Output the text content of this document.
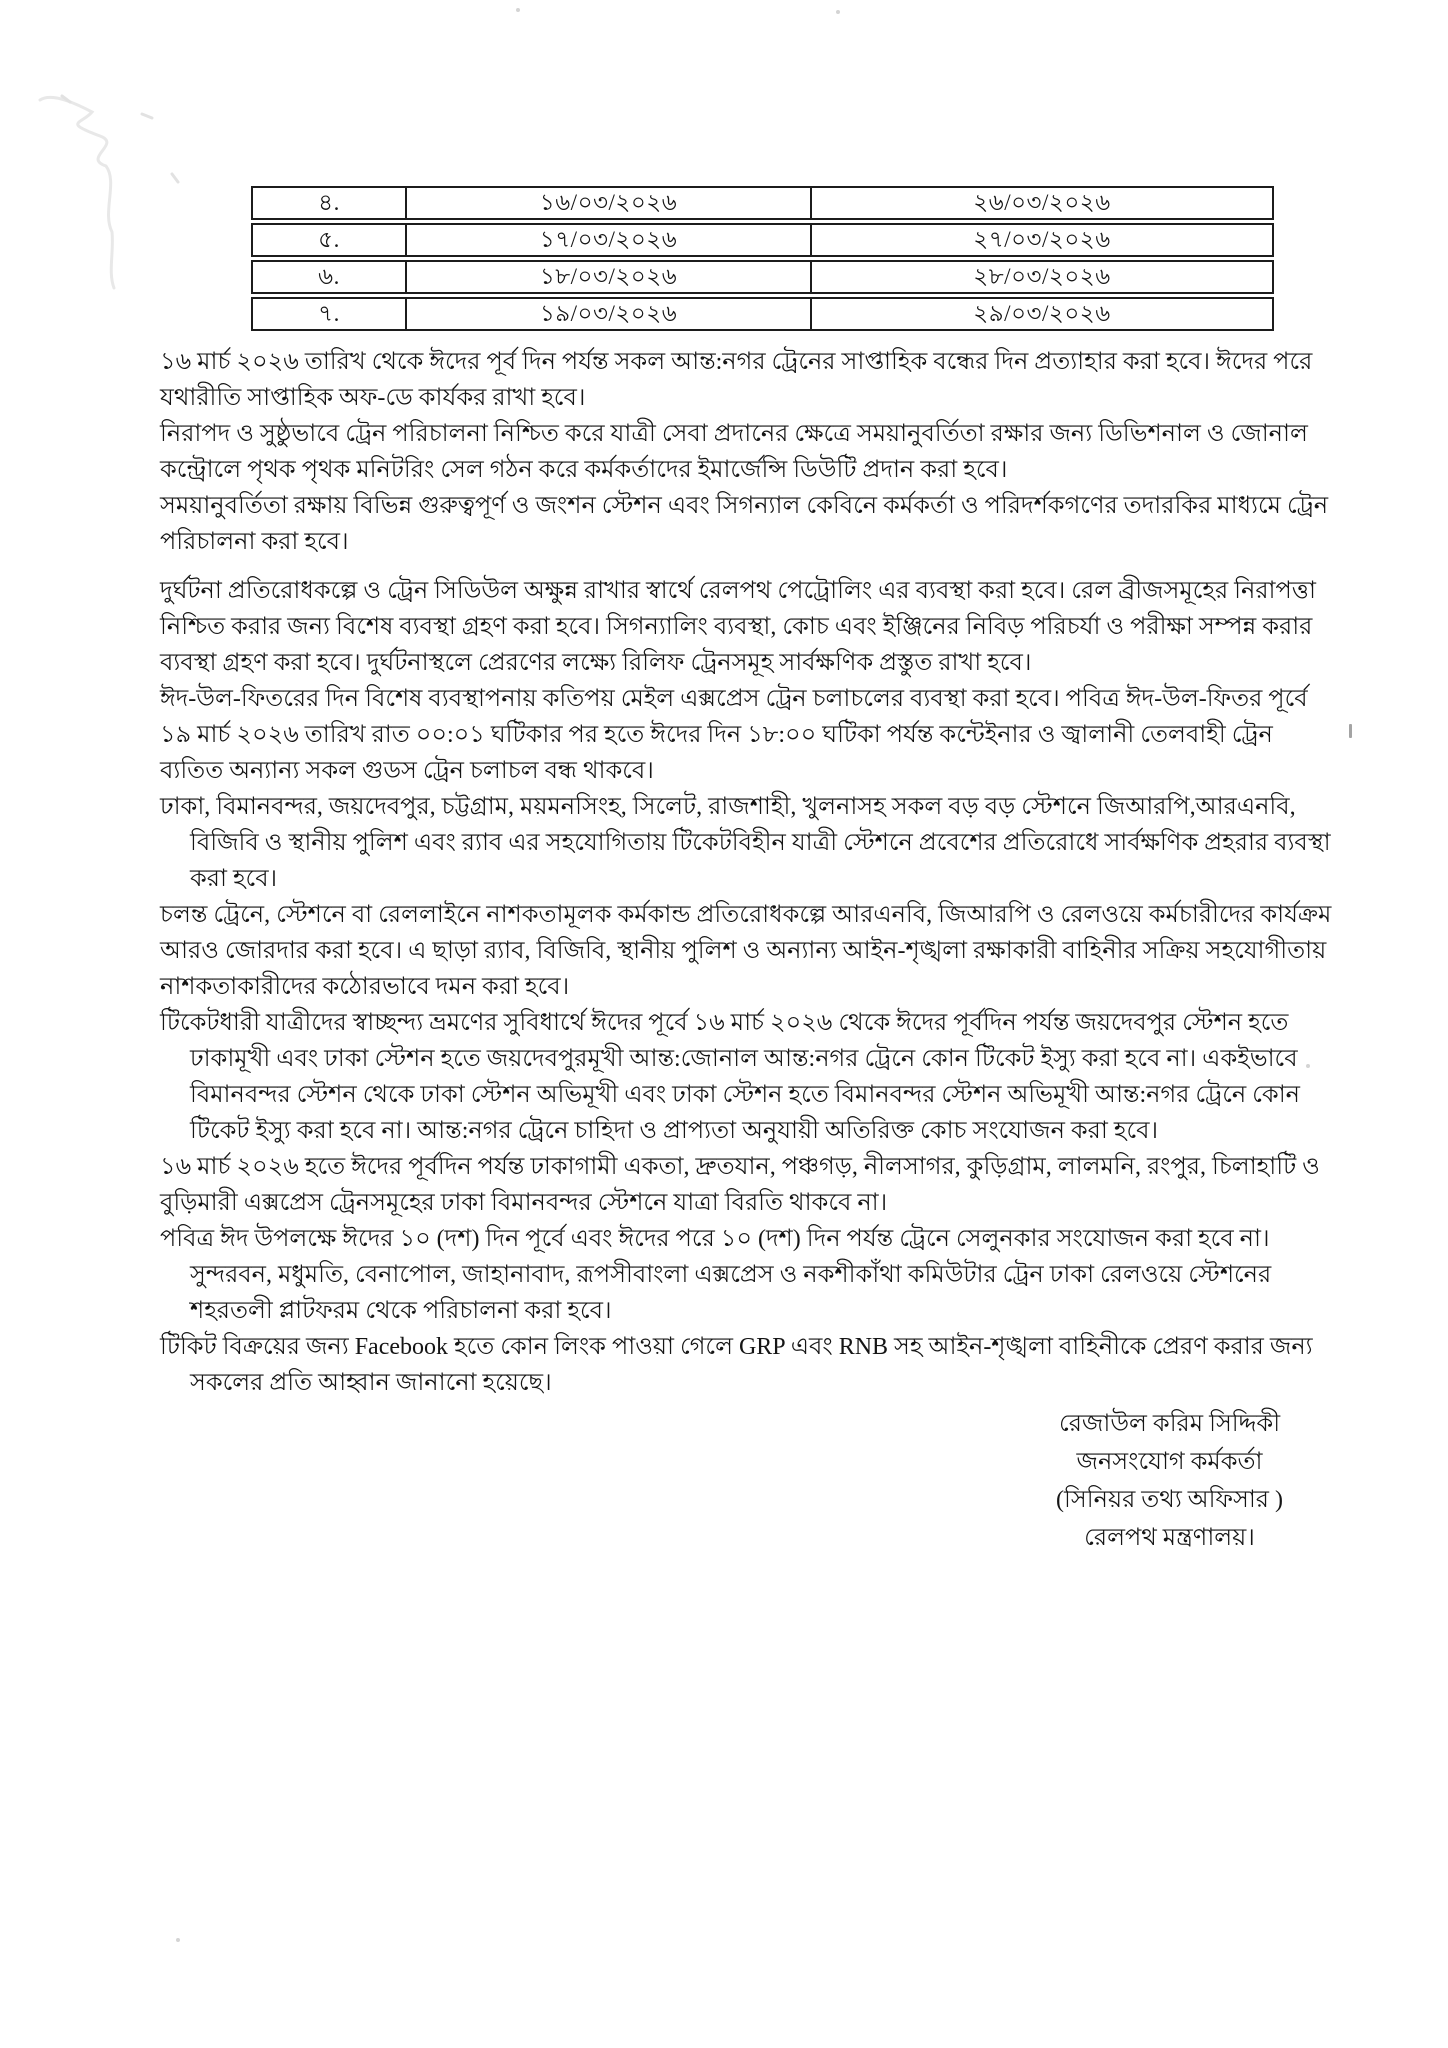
৪.	১৬/০৩/২০২৬	২৬/০৩/২০২৬
৫.	১৭/০৩/২০২৬	২৭/০৩/২০২৬
৬.	১৮/০৩/২০২৬	২৮/০৩/২০২৬
৭.	১৯/০৩/২০২৬	২৯/০৩/২০২৬

১৬ মার্চ ২০২৬ তারিখ থেকে ঈদের পূর্ব দিন পর্যন্ত সকল আন্ত:নগর ট্রেনের সাপ্তাহিক বন্ধের দিন প্রত্যাহার করা হবে। ঈদের পরে যথারীতি সাপ্তাহিক অফ-ডে কার্যকর রাখা হবে।

নিরাপদ ও সুষ্ঠুভাবে ট্রেন পরিচালনা নিশ্চিত করে যাত্রী সেবা প্রদানের ক্ষেত্রে সময়ানুবর্তিতা রক্ষার জন্য ডিভিশনাল ও জোনাল কন্ট্রোলে পৃথক পৃথক মনিটরিং সেল গঠন করে কর্মকর্তাদের ইমার্জেন্সি ডিউটি প্রদান করা হবে।

সময়ানুবর্তিতা রক্ষায় বিভিন্ন গুরুত্বপূর্ণ ও জংশন স্টেশন এবং সিগন্যাল কেবিনে কর্মকর্তা ও পরিদর্শকগণের তদারকির মাধ্যমে ট্রেন পরিচালনা করা হবে।

দুর্ঘটনা প্রতিরোধকল্পে ও ট্রেন সিডিউল অক্ষুন্ন রাখার স্বার্থে রেলপথ পেট্রোলিং এর ব্যবস্থা করা হবে। রেল ব্রীজসমূহের নিরাপত্তা নিশ্চিত করার জন্য বিশেষ ব্যবস্থা গ্রহণ করা হবে। সিগন্যালিং ব্যবস্থা, কোচ এবং ইঞ্জিনের নিবিড় পরিচর্যা ও পরীক্ষা সম্পন্ন করার ব্যবস্থা গ্রহণ করা হবে। দুর্ঘটনাস্থলে প্রেরণের লক্ষ্যে রিলিফ ট্রেনসমূহ সার্বক্ষণিক প্রস্তুত রাখা হবে।

ঈদ-উল-ফিতরের দিন বিশেষ ব্যবস্থাপনায় কতিপয় মেইল এক্সপ্রেস ট্রেন চলাচলের ব্যবস্থা করা হবে। পবিত্র ঈদ-উল-ফিতর পূর্বে ১৯ মার্চ ২০২৬ তারিখ রাত ০০:০১ ঘটিকার পর হতে ঈদের দিন ১৮:০০ ঘটিকা পর্যন্ত কন্টেইনার ও জ্বালানী তেলবাহী ট্রেন ব্যতিত অন্যান্য সকল গুডস ট্রেন চলাচল বন্ধ থাকবে।

ঢাকা, বিমানবন্দর, জয়দেবপুর, চট্টগ্রাম, ময়মনসিংহ, সিলেট, রাজশাহী, খুলনাসহ সকল বড় বড় স্টেশনে জিআরপি,আরএনবি, বিজিবি ও স্থানীয় পুলিশ এবং র‍্যাব এর সহযোগিতায় টিকেটবিহীন যাত্রী স্টেশনে প্রবেশের প্রতিরোধে সার্বক্ষণিক প্রহরার ব্যবস্থা করা হবে।

চলন্ত ট্রেনে, স্টেশনে বা রেললাইনে নাশকতামূলক কর্মকান্ড প্রতিরোধকল্পে আরএনবি, জিআরপি ও রেলওয়ে কর্মচারীদের কার্যক্রম আরও জোরদার করা হবে। এ ছাড়া র‍্যাব, বিজিবি, স্থানীয় পুলিশ ও অন্যান্য আইন-শৃঙ্খলা রক্ষাকারী বাহিনীর সক্রিয় সহযোগীতায় নাশকতাকারীদের কঠোরভাবে দমন করা হবে।

টিকেটধারী যাত্রীদের স্বাচ্ছন্দ্য ভ্রমণের সুবিধার্থে ঈদের পূর্বে ১৬ মার্চ ২০২৬ থেকে ঈদের পূর্বদিন পর্যন্ত জয়দেবপুর স্টেশন হতে ঢাকামূখী এবং ঢাকা স্টেশন হতে জয়দেবপুরমূখী আন্ত:জোনাল আন্ত:নগর ট্রেনে কোন টিকেট ইস্যু করা হবে না। একইভাবে বিমানবন্দর স্টেশন থেকে ঢাকা স্টেশন অভিমূখী এবং ঢাকা স্টেশন হতে বিমানবন্দর স্টেশন অভিমূখী আন্ত:নগর ট্রেনে কোন টিকেট ইস্যু করা হবে না। আন্ত:নগর ট্রেনে চাহিদা ও প্রাপ্যতা অনুযায়ী অতিরিক্ত কোচ সংযোজন করা হবে।

১৬ মার্চ ২০২৬ হতে ঈদের পূর্বদিন পর্যন্ত ঢাকাগামী একতা, দ্রুতযান, পঞ্চগড়, নীলসাগর, কুড়িগ্রাম, লালমনি, রংপুর, চিলাহাটি ও বুড়িমারী এক্সপ্রেস ট্রেনসমূহের ঢাকা বিমানবন্দর স্টেশনে যাত্রা বিরতি থাকবে না।

পবিত্র ঈদ উপলক্ষে ঈদের ১০ (দশ) দিন পূর্বে এবং ঈদের পরে ১০ (দশ) দিন পর্যন্ত ট্রেনে সেলুনকার সংযোজন করা হবে না। সুন্দরবন, মধুমতি, বেনাপোল, জাহানাবাদ, রূপসীবাংলা এক্সপ্রেস ও নকশীকাঁথা কমিউটার ট্রেন ঢাকা রেলওয়ে স্টেশনের শহরতলী প্লাটফরম থেকে পরিচালনা করা হবে।

টিকিট বিক্রয়ের জন্য Facebook হতে কোন লিংক পাওয়া গেলে GRP এবং RNB সহ আইন-শৃঙ্খলা বাহিনীকে প্রেরণ করার জন্য সকলের প্রতি আহ্বান জানানো হয়েছে।

রেজাউল করিম সিদ্দিকী
জনসংযোগ কর্মকর্তা
(সিনিয়র তথ্য অফিসার )
রেলপথ মন্ত্রণালয়।
